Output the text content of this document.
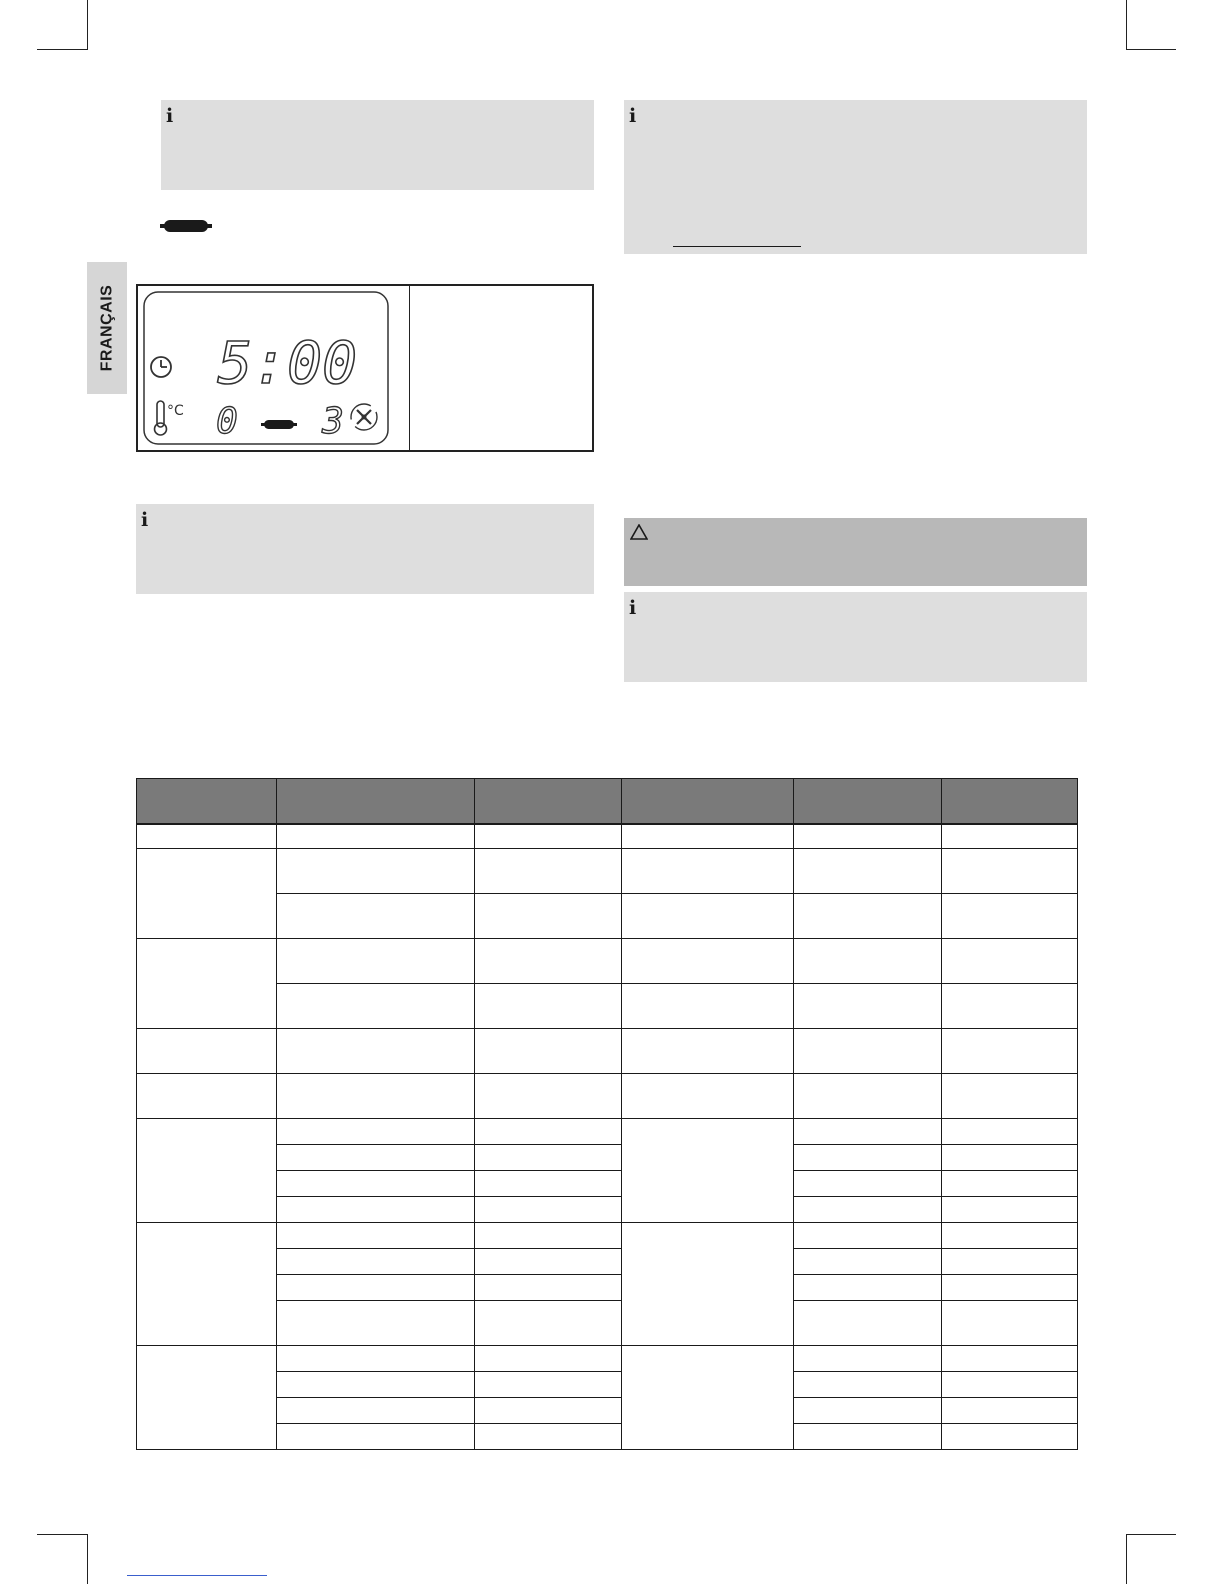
FRANÇAIS
i
5:00
°C 0 3
i
i
i
